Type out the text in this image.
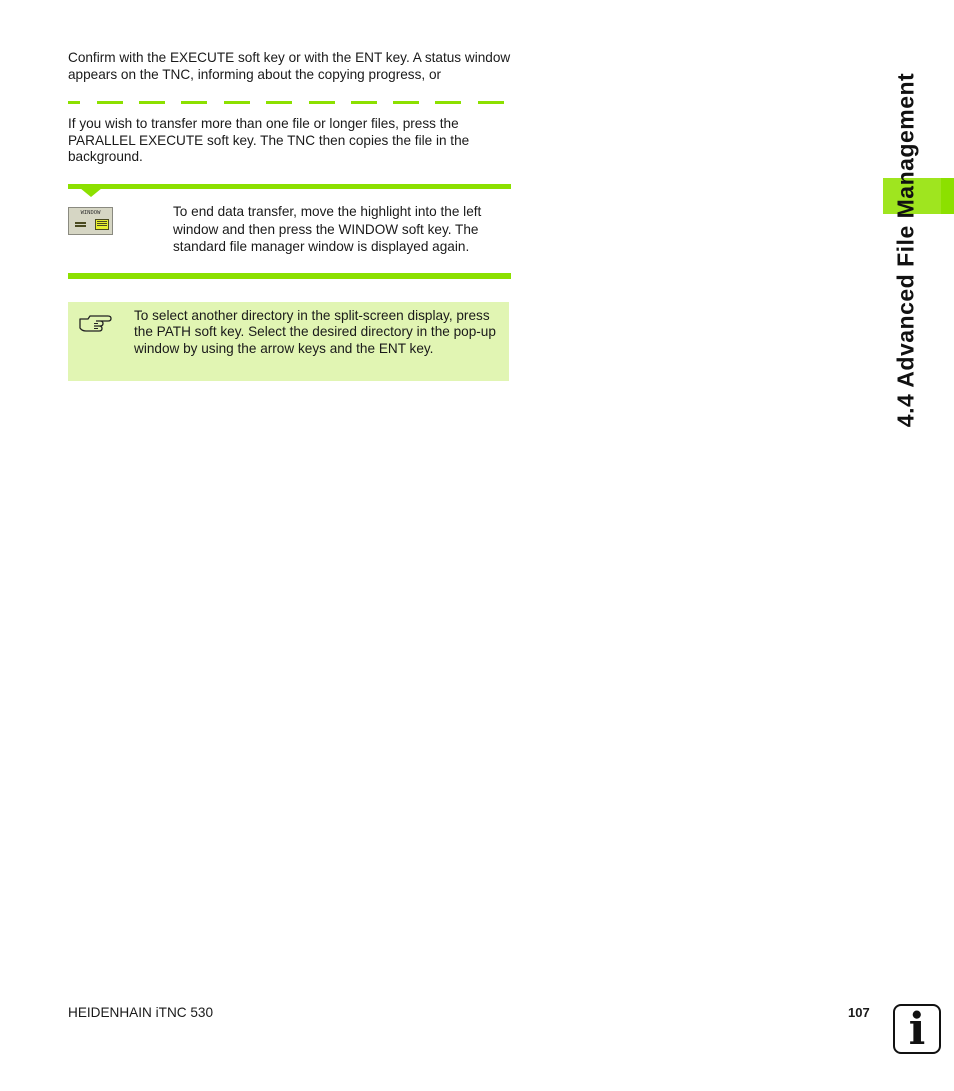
Confirm with the EXECUTE soft key or with the ENT key. A status window appears on the TNC, informing about the copying progress, or

If you wish to transfer more than one file or longer files, press the PARALLEL EXECUTE soft key. The TNC then copies the file in the background.

WINDOW	To end data transfer, move the highlight into the left window and then press the WINDOW soft key. The standard file manager window is displayed again.

To select another directory in the split-screen display, press the PATH soft key. Select the desired directory in the pop-up window by using the arrow keys and the ENT key.	4.4 Advanced File Management
HEIDENHAIN iTNC 530	107 i
